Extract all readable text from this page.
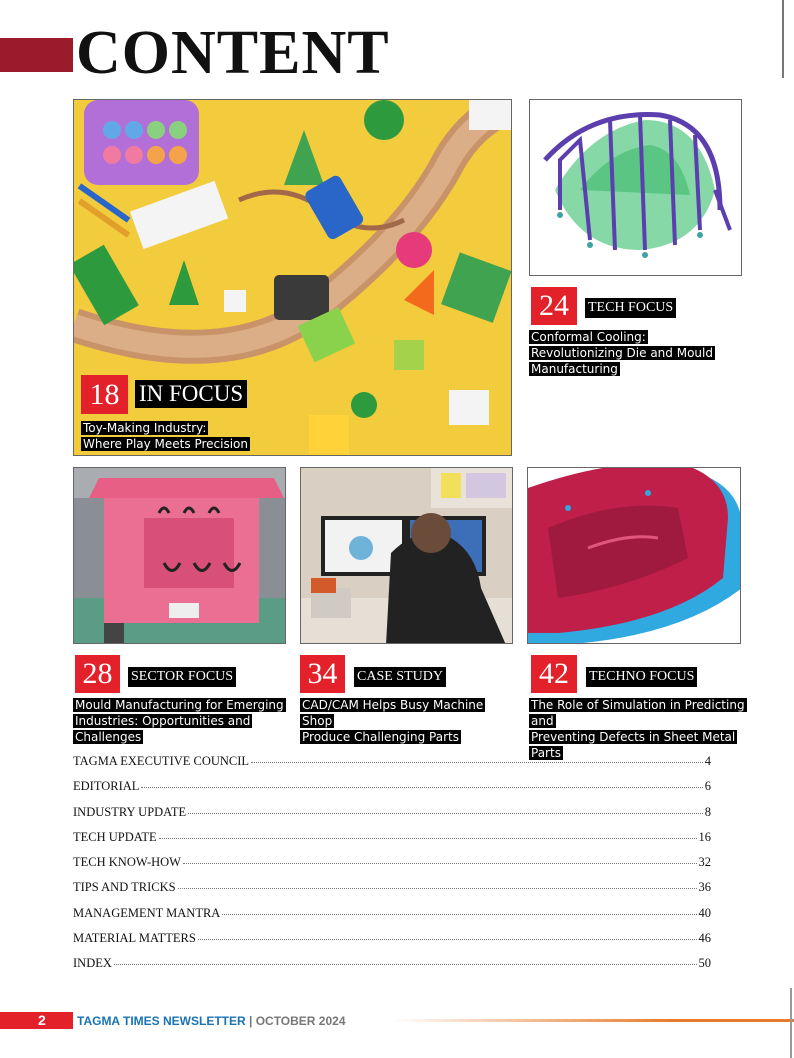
CONTENT
18 IN FOCUS
Toy-Making Industry:
Where Play Meets Precision
24	TECH FOCUS
Conformal Cooling:
Revolutionizing Die and Mould
Manufacturing
28	SECTOR FOCUS
Mould Manufacturing for Emerging
Industries: Opportunities and
Challenges
34	CASE STUDY
CAD/CAM Helps Busy Machine Shop
Produce Challenging Parts
42	TECHNO FOCUS
The Role of Simulation in Predicting and
Preventing Defects in Sheet Metal Parts
TAGMA EXECUTIVE COUNCIL	4
EDITORIAL	6
INDUSTRY UPDATE	8
TECH UPDATE	16
TECH KNOW-HOW	32
TIPS AND TRICKS	36
MANAGEMENT MANTRA	40
MATERIAL MATTERS	46
INDEX	50
2	TAGMA TIMES NEWSLETTER | OCTOBER 2024
